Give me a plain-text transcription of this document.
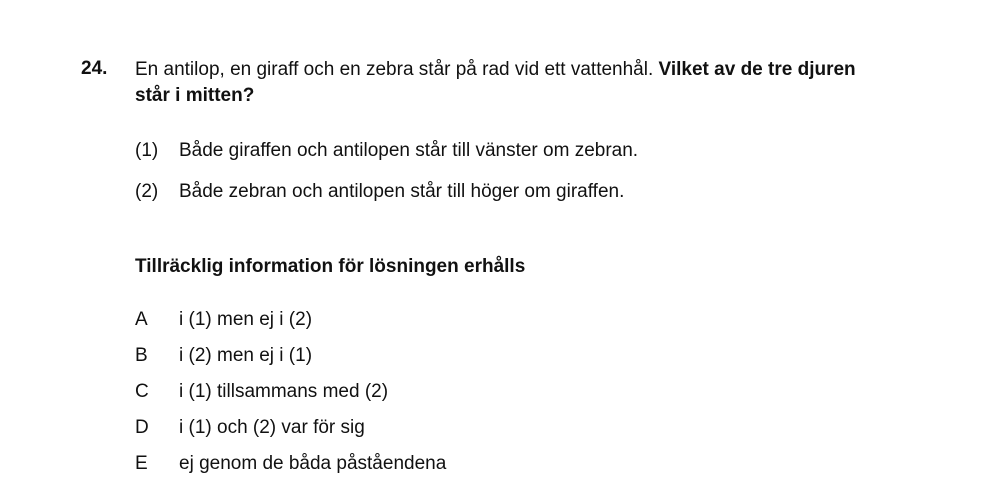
24. En antilop, en giraff och en zebra står på rad vid ett vattenhål. Vilket av de tre djuren står i mitten?
(1) Både giraffen och antilopen står till vänster om zebran.
(2) Både zebran och antilopen står till höger om giraffen.
Tillräcklig information för lösningen erhålls
A i (1) men ej i (2)
B i (2) men ej i (1)
C i (1) tillsammans med (2)
D i (1) och (2) var för sig
E ej genom de båda påståendena
